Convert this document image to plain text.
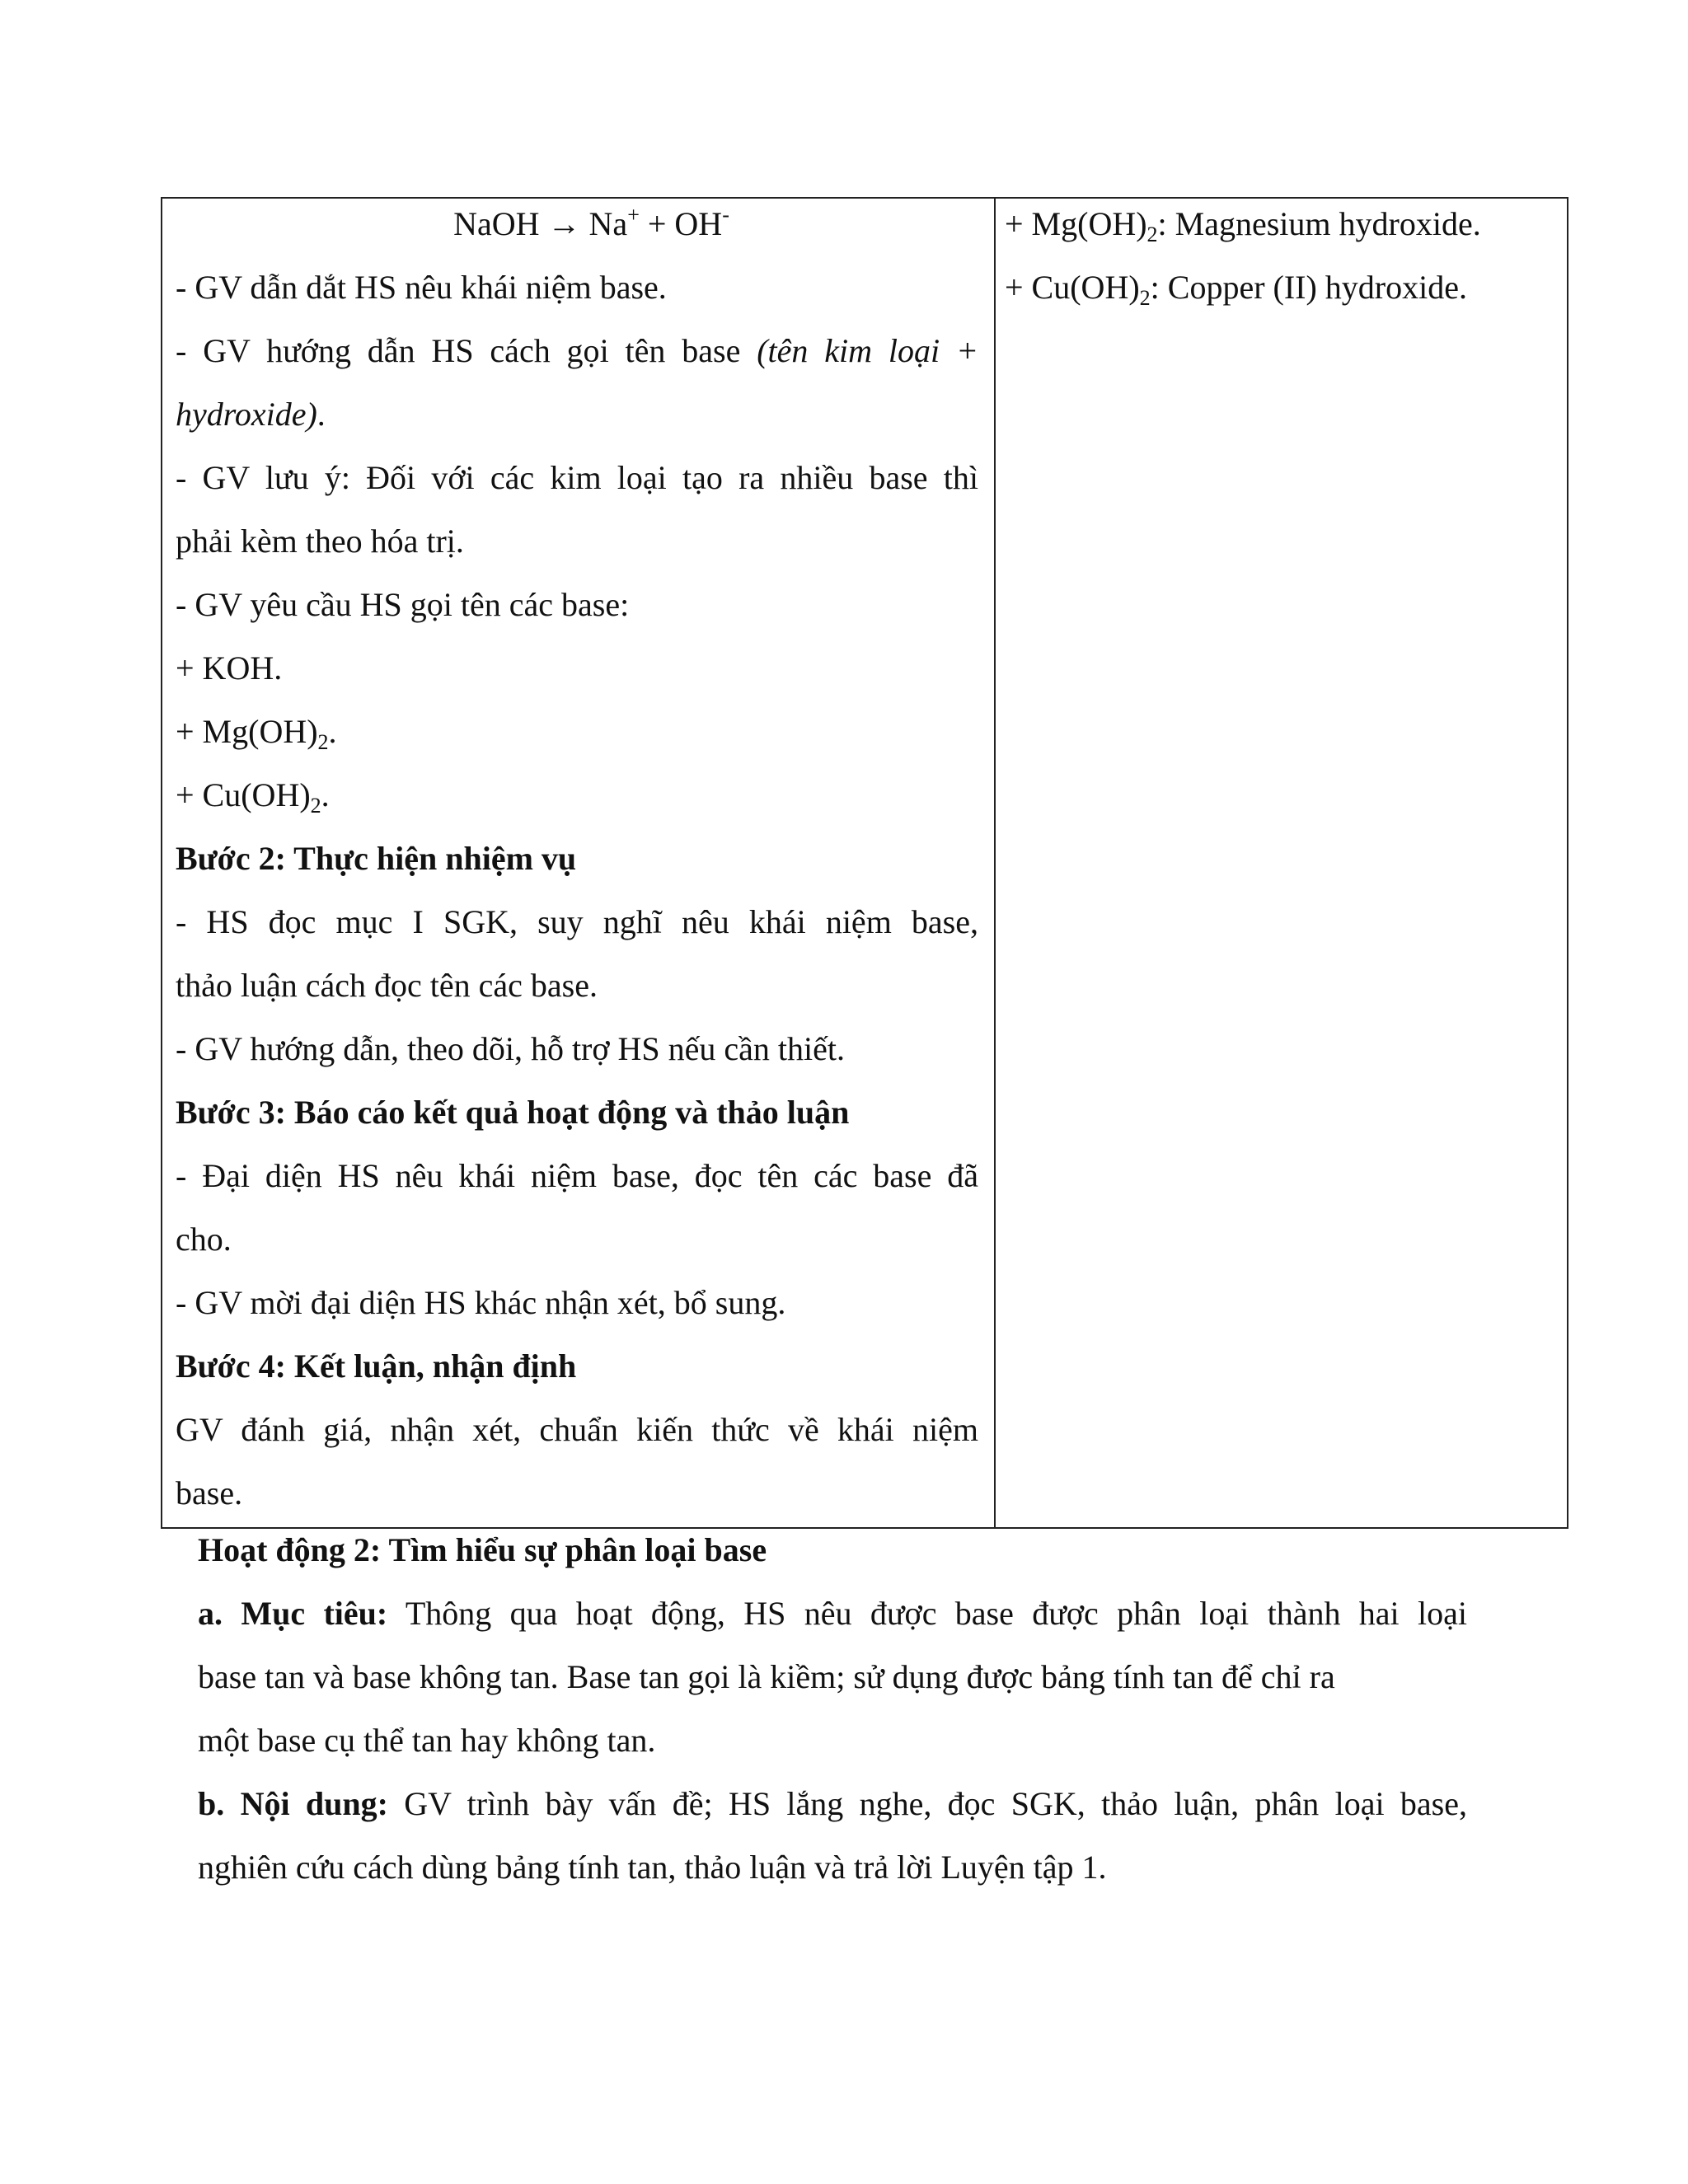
NaOH → Na+ + OH-
- GV dẫn dắt HS nêu khái niệm base.
- GV hướng dẫn HS cách gọi tên base (tên kim loại +
hydroxide).
- GV lưu ý: Đối với các kim loại tạo ra nhiều base thì
phải kèm theo hóa trị.
- GV yêu cầu HS gọi tên các base:
+ KOH.
+ $Mg(OH)_2$.
+ $Cu(OH)_2$.
Bước 2: Thực hiện nhiệm vụ
- HS đọc mục I SGK, suy nghĩ nêu khái niệm base,
thảo luận cách đọc tên các base.
- GV hướng dẫn, theo dõi, hỗ trợ HS nếu cần thiết.
Bước 3: Báo cáo kết quả hoạt động và thảo luận
- Đại diện HS nêu khái niệm base, đọc tên các base đã
cho.
- GV mời đại diện HS khác nhận xét, bổ sung.
Bước 4: Kết luận, nhận định
GV đánh giá, nhận xét, chuẩn kiến thức về khái niệm
base.
+ $Mg(OH)_2$: Magnesium hydroxide.
+ $Cu(OH)_2$: Copper (II) hydroxide.
Hoạt động 2: Tìm hiểu sự phân loại base
a. Mục tiêu: Thông qua hoạt động, HS nêu được base được phân loại thành hai loại
base tan và base không tan. Base tan gọi là kiềm; sử dụng được bảng tính tan để chỉ ra
một base cụ thể tan hay không tan.
b. Nội dung: GV trình bày vấn đề; HS lắng nghe, đọc SGK, thảo luận, phân loại base,
nghiên cứu cách dùng bảng tính tan, thảo luận và trả lời Luyện tập 1.
